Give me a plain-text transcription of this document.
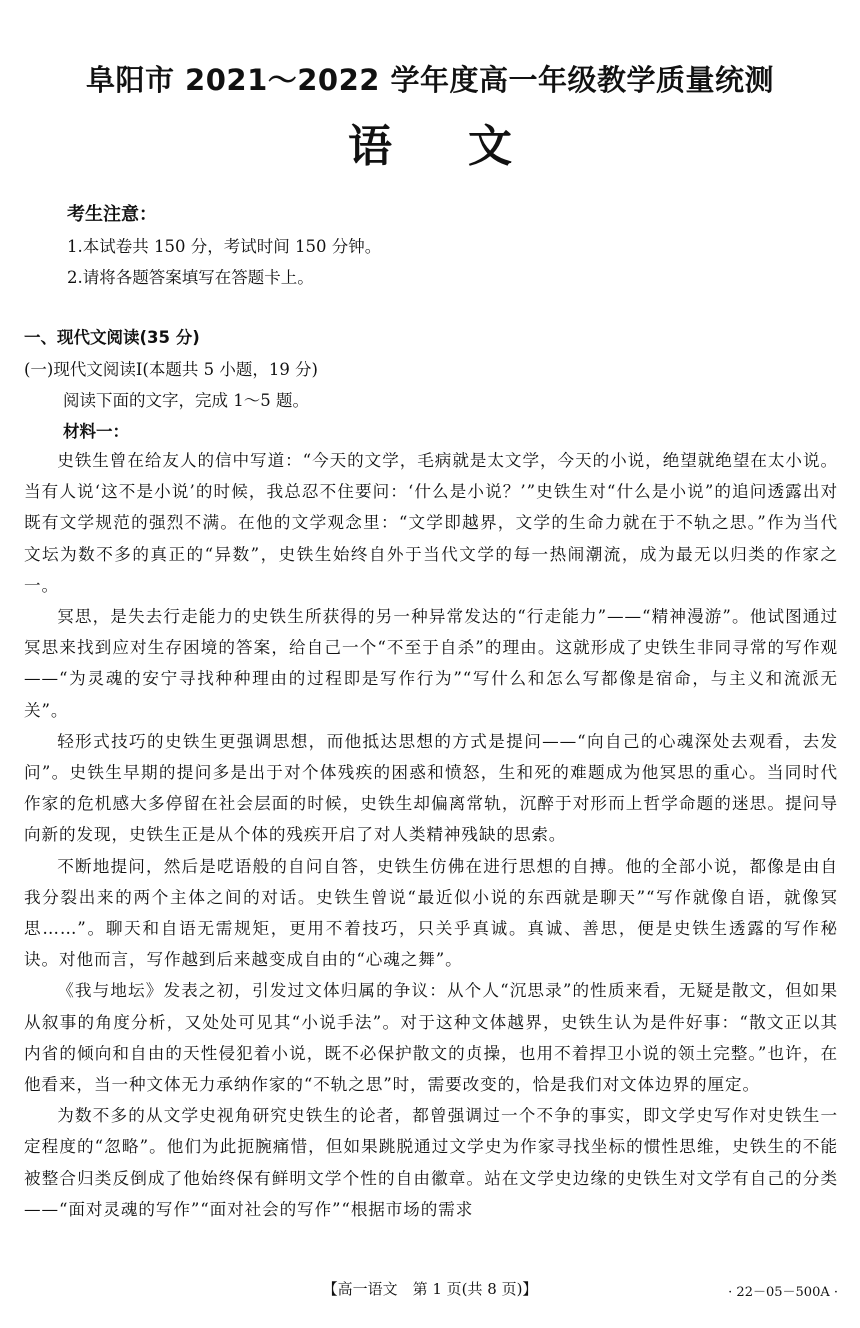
阜阳市 2021～2022 学年度高一年级教学质量统测
语文
考生注意：
1.本试卷共 150 分，考试时间 150 分钟。
2.请将各题答案填写在答题卡上。
一、现代文阅读(35 分)
(一)现代文阅读Ⅰ(本题共 5 小题，19 分)
阅读下面的文字，完成 1～5 题。
材料一：

史铁生曾在给友人的信中写道：“今天的文学，毛病就是太文学，今天的小说，绝望就绝望在太小说。当有人说‘这不是小说’的时候，我总忍不住要问：‘什么是小说？’”史铁生对“什么是小说”的追问透露出对既有文学规范的强烈不满。在他的文学观念里：“文学即越界，文学的生命力就在于不轨之思。”作为当代文坛为数不多的真正的“异数”，史铁生始终自外于当代文学的每一热闹潮流，成为最无以归类的作家之一。

冥思，是失去行走能力的史铁生所获得的另一种异常发达的“行走能力”——“精神漫游”。他试图通过冥思来找到应对生存困境的答案，给自己一个“不至于自杀”的理由。这就形成了史铁生非同寻常的写作观——“为灵魂的安宁寻找种种理由的过程即是写作行为”“写什么和怎么写都像是宿命，与主义和流派无关”。

轻形式技巧的史铁生更强调思想，而他抵达思想的方式是提问——“向自己的心魂深处去观看，去发问”。史铁生早期的提问多是出于对个体残疾的困惑和愤怒，生和死的难题成为他冥思的重心。当同时代作家的危机感大多停留在社会层面的时候，史铁生却偏离常轨，沉醉于对形而上哲学命题的迷思。提问导向新的发现，史铁生正是从个体的残疾开启了对人类精神残缺的思索。

不断地提问，然后是呓语般的自问自答，史铁生仿佛在进行思想的自搏。他的全部小说，都像是由自我分裂出来的两个主体之间的对话。史铁生曾说“最近似小说的东西就是聊天”“写作就像自语，就像冥思……”。聊天和自语无需规矩，更用不着技巧，只关乎真诚。真诚、善思，便是史铁生透露的写作秘诀。对他而言，写作越到后来越变成自由的“心魂之舞”。

《我与地坛》发表之初，引发过文体归属的争议：从个人“沉思录”的性质来看，无疑是散文，但如果从叙事的角度分析，又处处可见其“小说手法”。对于这种文体越界，史铁生认为是件好事：“散文正以其内省的倾向和自由的天性侵犯着小说，既不必保护散文的贞操，也用不着捍卫小说的领土完整。”也许，在他看来，当一种文体无力承纳作家的“不轨之思”时，需要改变的，恰是我们对文体边界的厘定。

为数不多的从文学史视角研究史铁生的论者，都曾强调过一个不争的事实，即文学史写作对史铁生一定程度的“忽略”。他们为此扼腕痛惜，但如果跳脱通过文学史为作家寻找坐标的惯性思维，史铁生的不能被整合归类反倒成了他始终保有鲜明文学个性的自由徽章。站在文学史边缘的史铁生对文学有自己的分类——“面对灵魂的写作”“面对社会的写作”“根据市场的需求

【高一语文　第 1 页(共 8 页)】	· 22－05－500A ·
